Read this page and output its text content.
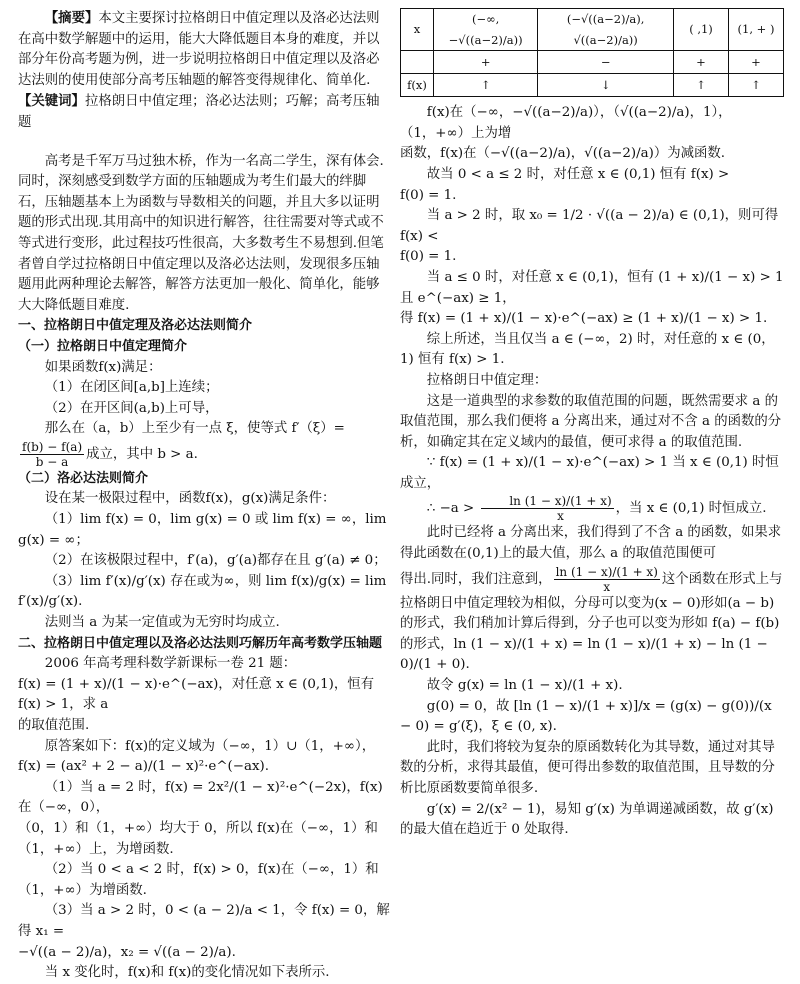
【摘要】本文主要探讨拉格朗日中值定理以及洛必达法则在高中数学解题中的运用，能大大降低题目本身的难度，并以部分年份高考题为例，进一步说明拉格朗日中值定理以及洛必达法则的使用使部分高考压轴题的解答变得规律化、简单化.

【关键词】拉格朗日中值定理；洛必达法则；巧解；高考压轴题

高考是千军万马过独木桥，作为一名高二学生，深有体会.同时，深刻感受到数学方面的压轴题成为考生们最大的绊脚石，压轴题基本上为函数与导数相关的问题，并且大多以证明题的形式出现.其用高中的知识进行解答，往往需要对等式或不等式进行变形，此过程技巧性很高，大多数考生不易想到.但笔者曾自学过拉格朗日中值定理以及洛必达法则，发现很多压轴题用此两种理论去解答，解答方法更加一般化、简单化，能够大大降低题目难度.

一、拉格朗日中值定理及洛必达法则简介

（一）拉格朗日中值定理简介

如果函数f(x)满足：

（1）在闭区间[a,b]上连续；

（2）在开区间(a,b)上可导，

那么在（a，b）上至少有一点 ξ，使等式 f′（ξ）=

$\frac{f(b) - f(a)}{b - a}$ 成立，其中 b > a.

（二）洛必达法则简介

设在某一极限过程中，函数f(x)，g(x)满足条件：

（1）lim f(x) = 0，lim g(x) = 0 或 lim f(x) = ∞，lim g(x) = ∞；

（2）在该极限过程中，f′(a)，g′(a)都存在且 g′(a) ≠ 0；

（3）lim f′(x)/g′(x) 存在或为∞，则 lim f(x)/g(x) = lim f′(x)/g′(x).

法则当 a 为某一定值或为无穷时均成立.

二、拉格朗日中值定理以及洛必达法则巧解历年高考数学压轴题

2006 年高考理科数学新课标一卷 21 题：

f(x) = (1 + x)/(1 − x)·e^(−ax)，对任意 x ∈ (0,1)，恒有 f(x) > 1，求 a

的取值范围.

原答案如下：f(x)的定义域为（−∞，1）∪（1，+∞），

f(x) = (ax² + 2 − a)/(1 − x)²·e^(−ax).

（1）当 a = 2 时，f(x) = 2x²/(1 − x)²·e^(−2x)，f(x)在（−∞，0），

（0，1）和（1，+∞）均大于 0，所以 f(x)在（−∞，1）和（1，+∞）上，为增函数.

（2）当 0 < a < 2 时，f(x) > 0，f(x)在（−∞，1）和（1，+∞）为增函数.

（3）当 a > 2 时，0 < (a − 2)/a < 1，令 f(x) = 0，解得 x₁ =

−√((a − 2)/a)，x₂ = √((a − 2)/a).

当 x 变化时，f(x)和 f(x)的变化情况如下表所示.

x	(−∞, −√((a−2)/a))	(−√((a−2)/a), √((a−2)/a))	( ,1)	(1, + )
	+	−	+	+
f(x)	↑	↓	↑	↑

f(x)在（−∞，−√((a−2)/a)），（√((a−2)/a)，1），（1，+∞）上为增

函数，f(x)在（−√((a−2)/a)，√((a−2)/a)）为减函数.

故当 0 < a ≤ 2 时，对任意 x ∈ (0,1) 恒有 f(x) >

f(0) = 1.

当 a > 2 时，取 x₀ = 1/2 · √((a − 2)/a) ∈ (0,1)，则可得 f(x) <

f(0) = 1.

当 a ≤ 0 时，对任意 x ∈ (0,1)，恒有 (1 + x)/(1 − x) > 1 且 e^(−ax) ≥ 1，

得 f(x) = (1 + x)/(1 − x)·e^(−ax) ≥ (1 + x)/(1 − x) > 1.

综上所述，当且仅当 a ∈ (−∞，2) 时，对任意的 x ∈ (0，1) 恒有 f(x) > 1.

拉格朗日中值定理：

这是一道典型的求参数的取值范围的问题，既然需要求 a 的取值范围，那么我们便将 a 分离出来，通过对不含 a 的函数的分析，如确定其在定义域内的最值，便可求得 a 的取值范围.

∵ f(x) = (1 + x)/(1 − x)·e^(−ax) > 1 当 x ∈ (0,1) 时恒成立，

∴ $-a > \frac{\ln (1 - x)/(1 + x)}{x}$ ，当 x ∈ (0,1) 时恒成立.

此时已经将 a 分离出来，我们得到了不含 a 的函数，如果求得此函数在(0,1)上的最大值，那么 a 的取值范围便可

得出.同时，我们注意到， $\frac{\ln (1 - x)/(1 + x)}{x}$ 这个函数在形式上与拉格朗日中值定理较为相似，分母可以变为(x − 0)形如(a − b)的形式，我们稍加计算后得到，分子也可以变为形如 f(a) − f(b)的形式，ln (1 − x)/(1 + x) = ln (1 − x)/(1 + x) − ln (1 − 0)/(1 + 0).

故令 g(x) = ln (1 − x)/(1 + x).

g(0) = 0，故 [ln (1 − x)/(1 + x)]/x = (g(x) − g(0))/(x − 0) = g′(ξ)，ξ ∈ (0, x).

此时，我们将较为复杂的原函数转化为其导数，通过对其导数的分析，求得其最值，便可得出参数的取值范围，且导数的分析比原函数要简单很多.

g′(x) = 2/(x² − 1)，易知 g′(x) 为单调递减函数，故 g′(x) 的最大值在趋近于 0 处取得.
